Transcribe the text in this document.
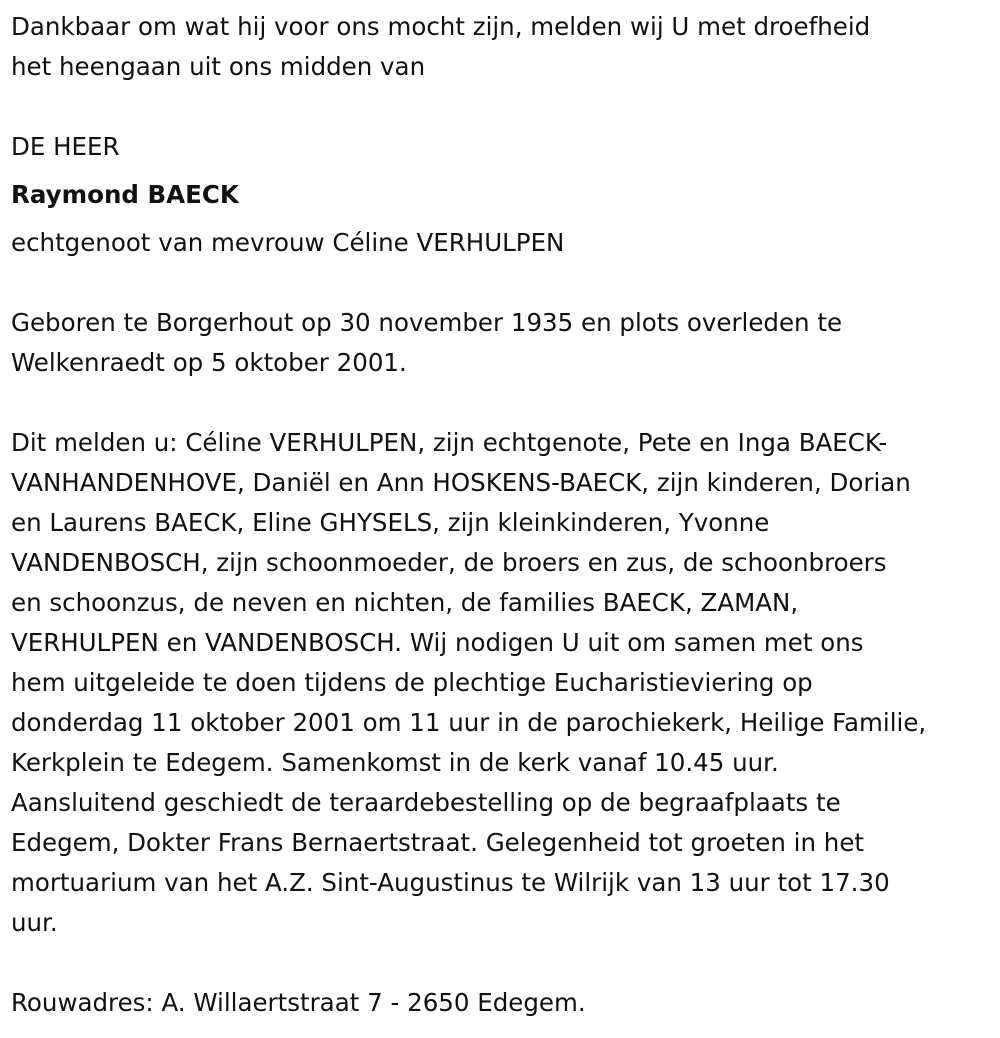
Dankbaar om wat hij voor ons mocht zijn, melden wij U met droefheid

het heengaan uit ons midden van

DE HEER

Raymond BAECK

echtgenoot van mevrouw Céline VERHULPEN

Geboren te Borgerhout op 30 november 1935 en plots overleden te

Welkenraedt op 5 oktober 2001.

Dit melden u: Céline VERHULPEN, zijn echtgenote, Pete en Inga BAECK-

VANHANDENHOVE, Daniël en Ann HOSKENS-BAECK, zijn kinderen, Dorian

en Laurens BAECK, Eline GHYSELS, zijn kleinkinderen, Yvonne

VANDENBOSCH, zijn schoonmoeder, de broers en zus, de schoonbroers

en schoonzus, de neven en nichten, de families BAECK, ZAMAN,

VERHULPEN en VANDENBOSCH. Wij nodigen U uit om samen met ons

hem uitgeleide te doen tijdens de plechtige Eucharistieviering op

donderdag 11 oktober 2001 om 11 uur in de parochiekerk, Heilige Familie,

Kerkplein te Edegem. Samenkomst in de kerk vanaf 10.45 uur.

Aansluitend geschiedt de teraardebestelling op de begraafplaats te

Edegem, Dokter Frans Bernaertstraat. Gelegenheid tot groeten in het

mortuarium van het A.Z. Sint-Augustinus te Wilrijk van 13 uur tot 17.30

uur.

Rouwadres: A. Willaertstraat 7 - 2650 Edegem.
